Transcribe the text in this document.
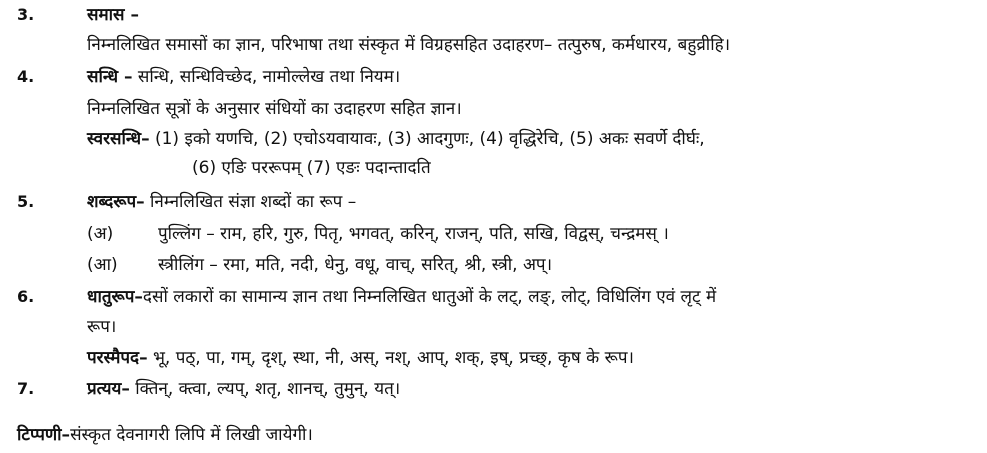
3.	समास –
निम्नलिखित समासों का ज्ञान, परिभाषा तथा संस्कृत में विग्रहसहित उदाहरण– तत्पुरुष, कर्मधारय, बहुव्रीहि।
4.	सन्धि – सन्धि, सन्धिविच्छेद, नामोल्लेख तथा नियम।
निम्नलिखित सूत्रों के अनुसार संधियों का उदाहरण सहित ज्ञान।
स्वरसन्धि– (1) इको यणचि, (2) एचोऽयवायावः, (3) आदगुणः, (4) वृद्धिरेचि, (5) अकः सवर्णे दीर्घः,
(6) एङि पररूपम् (7) एङः पदान्तादति
5.	शब्दरूप– निम्नलिखित संज्ञा शब्दों का रूप –
(अ)	पुल्लिंग – राम, हरि, गुरु, पितृ, भगवत्, करिन्, राजन्, पति, सखि, विद्वस्, चन्द्रमस् ।
(आ) स्त्रीलिंग – रमा, मति, नदी, धेनु, वधू, वाच्, सरित्, श्री, स्त्री, अप्।
6.	धातुरूप–दसों लकारों का सामान्य ज्ञान तथा निम्नलिखित धातुओं के लट्, लङ्, लोट्, विधिलिंग एवं लृट् में
रूप।
परस्मैपद– भू, पठ्, पा, गम्, दृश्, स्था, नी, अस्, नश्, आप्, शक्, इष्, प्रच्छ्, कृष के रूप।
7.	प्रत्यय– क्तिन्, क्त्वा, ल्यप्, शतृ, शानच्, तुमुन्, यत्।
टिप्पणी–संस्कृत देवनागरी लिपि में लिखी जायेगी।
